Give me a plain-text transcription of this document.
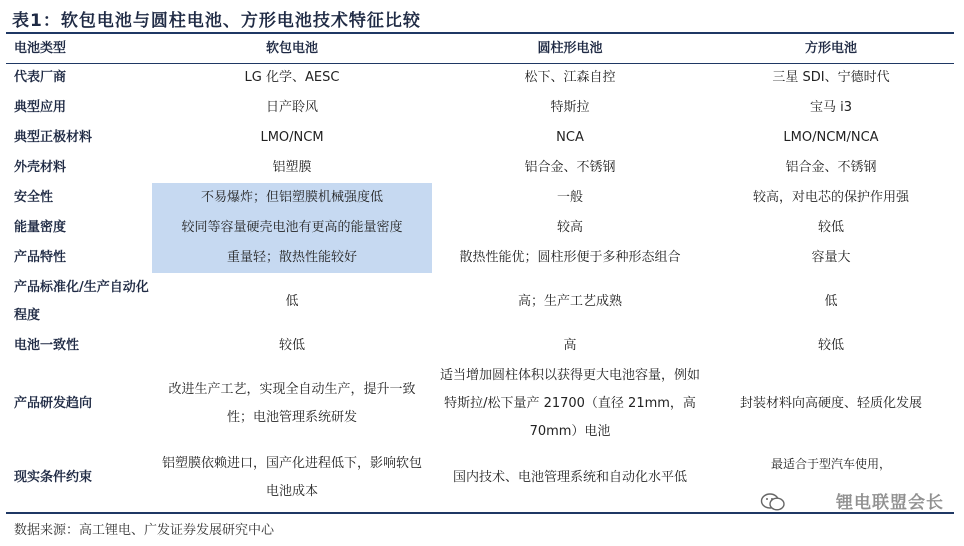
表1：软包电池与圆柱电池、方形电池技术特征比较
电池类型	软包电池	圆柱形电池	方形电池
代表厂商	LG 化学、AESC	松下、江森自控	三星 SDI、宁德时代
典型应用	日产聆风	特斯拉	宝马 i3
典型正极材料	LMO/NCM	NCA	LMO/NCM/NCA
外壳材料	铝塑膜	铝合金、不锈钢	铝合金、不锈钢
安全性	不易爆炸；但铝塑膜机械强度低	一般	较高，对电芯的保护作用强
能量密度	较同等容量硬壳电池有更高的能量密度	较高	较低
产品特性	重量轻；散热性能较好	散热性能优；圆柱形便于多种形态组合	容量大
产品标准化/生产自动化程度	低	高；生产工艺成熟	低
电池一致性	较低	高	较低
产品研发趋向	改进生产工艺，实现全自动生产，提升一致性；电池管理系统研发	适当增加圆柱体积以获得更大电池容量，例如特斯拉/松下量产 21700（直径 21mm，高 70mm）电池	封装材料向高硬度、轻质化发展
现实条件约束	铝塑膜依赖进口，国产化进程低下，影响软包电池成本	国内技术、电池管理系统和自动化水平低	最适合于型汽车使用，
数据来源：高工锂电、广发证券发展研究中心
锂电联盟会长
